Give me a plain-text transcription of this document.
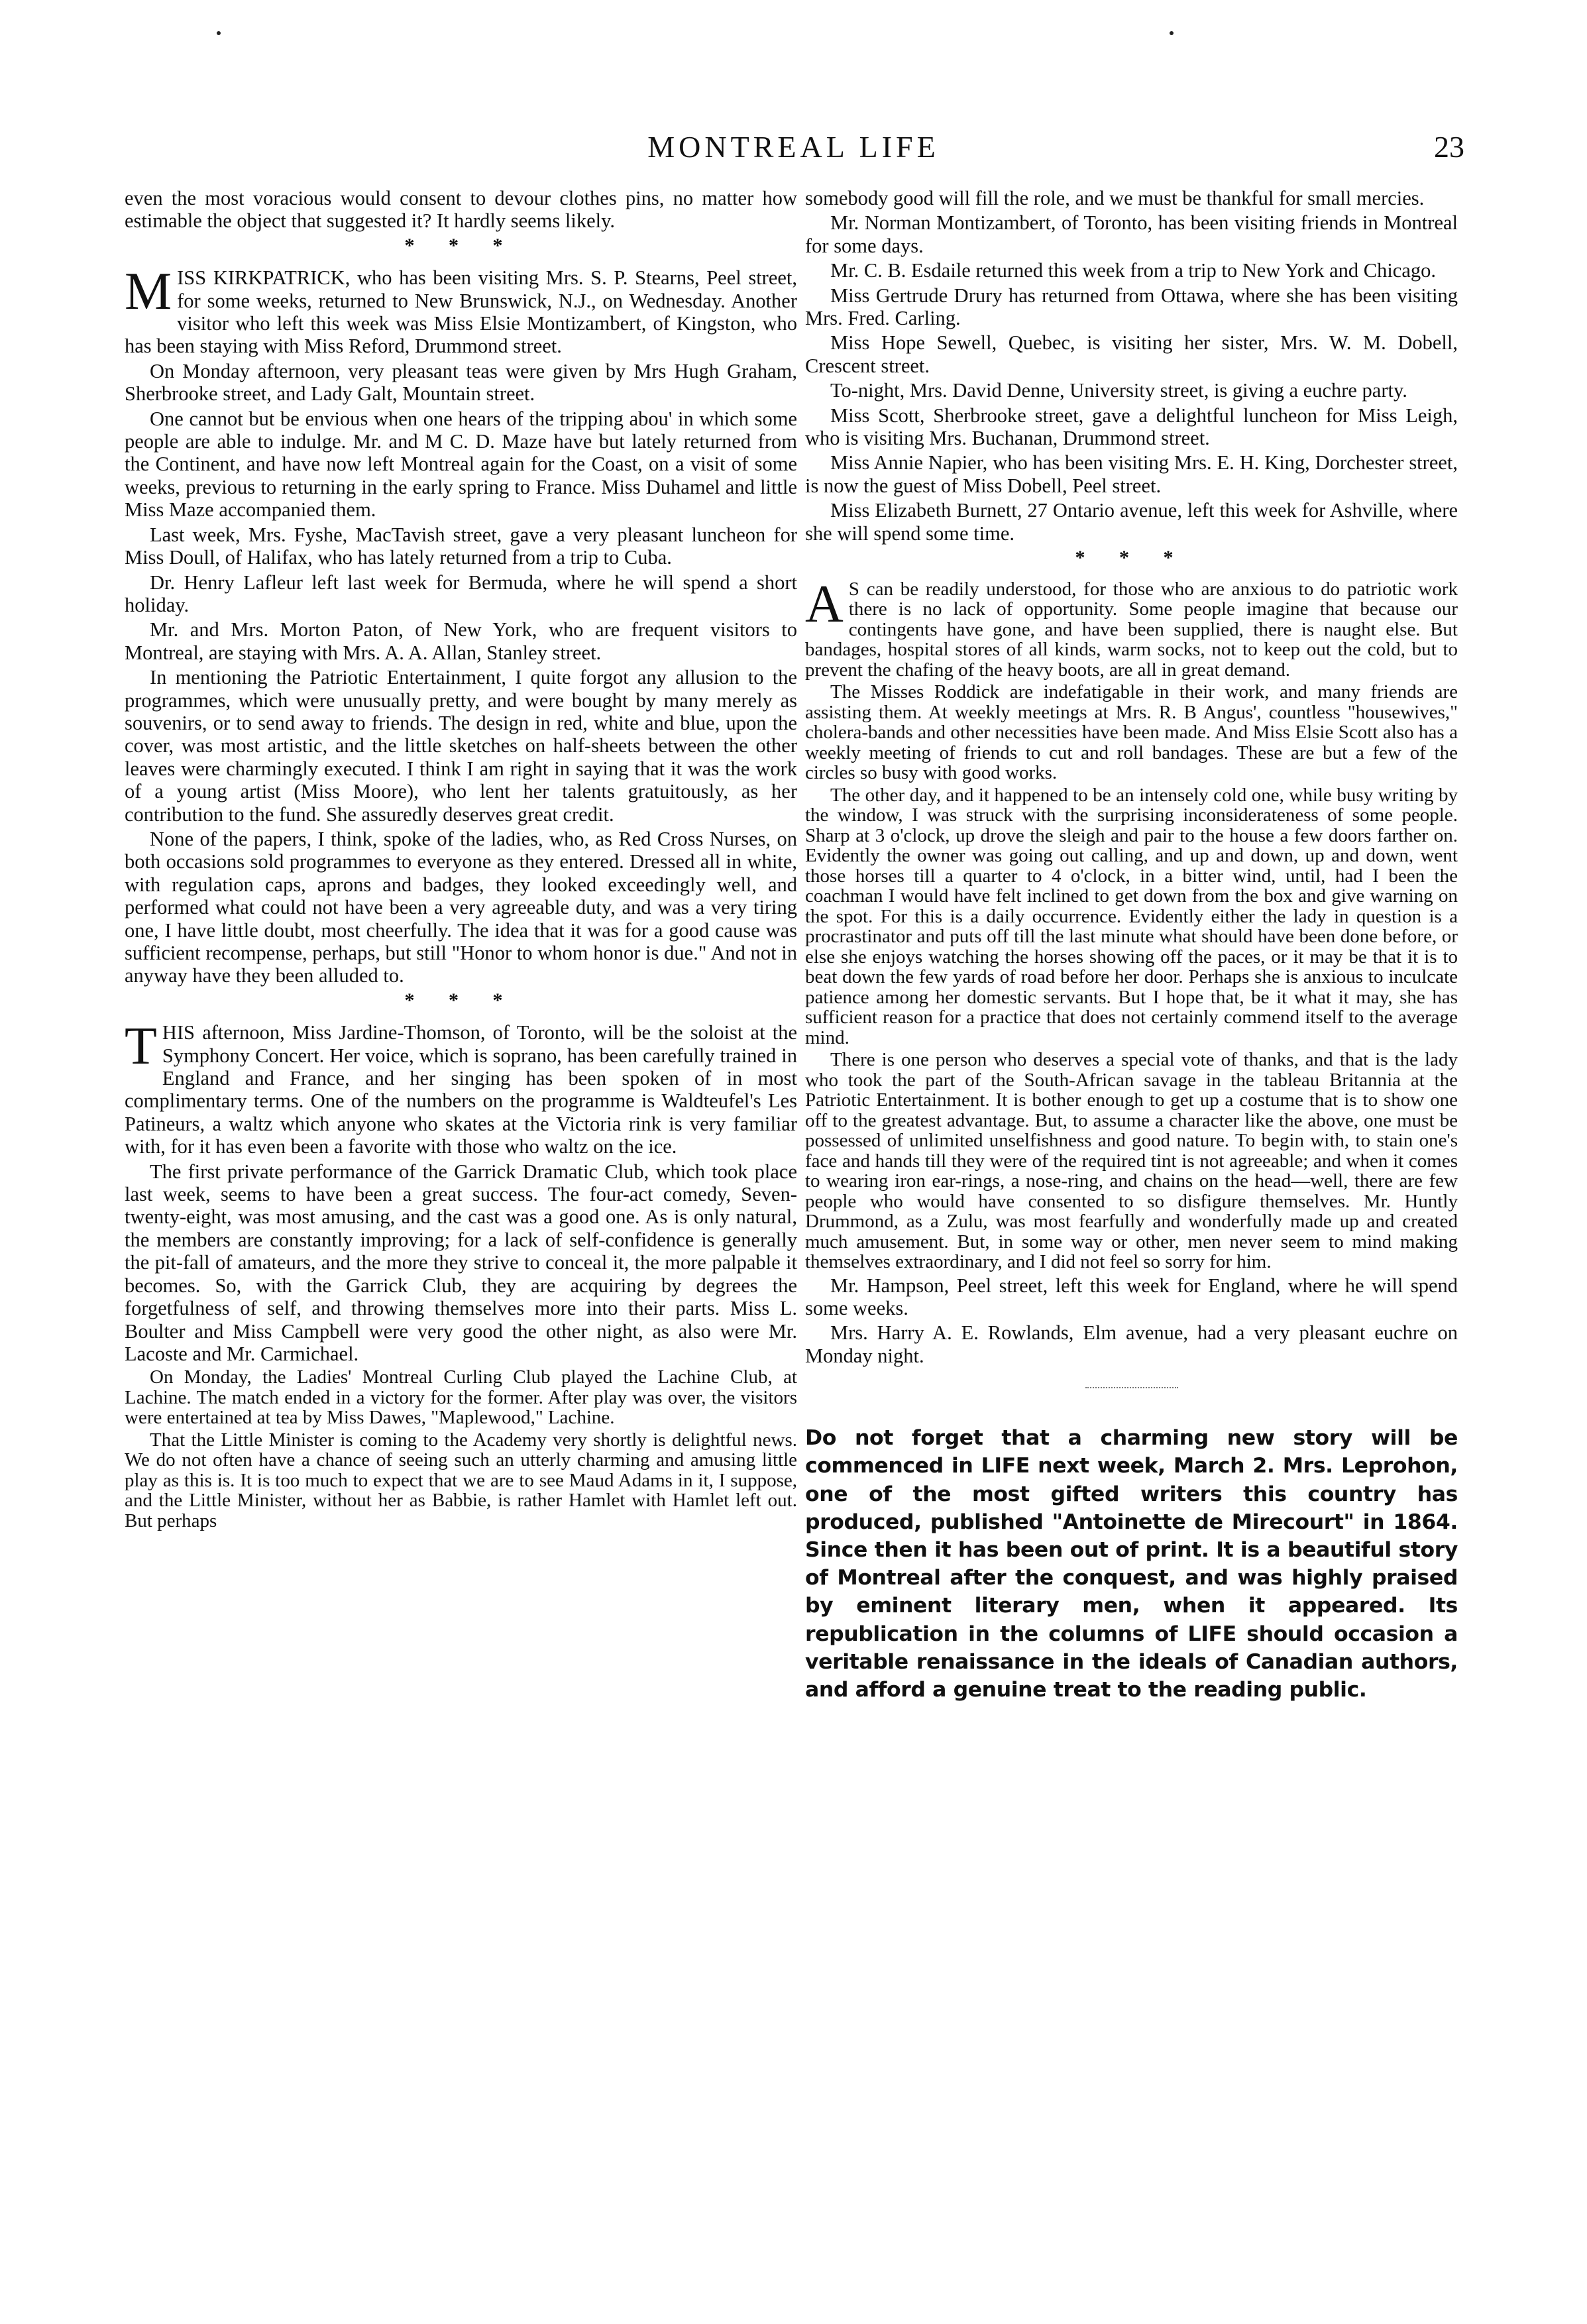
MONTREAL LIFE	23

even the most voracious would consent to devour clothes pins, no matter how estimable the object that suggested it? It hardly seems likely.

* * *

MISS KIRKPATRICK, who has been visiting Mrs. S. P. Stearns, Peel street, for some weeks, returned to New Brunswick, N.J., on Wednesday. Another visitor who left this week was Miss Elsie Montizambert, of Kingston, who has been staying with Miss Reford, Drummond street.

On Monday afternoon, very pleasant teas were given by Mrs Hugh Graham, Sherbrooke street, and Lady Galt, Mountain street.

One cannot but be envious when one hears of the tripping abou' in which some people are able to indulge. Mr. and M C. D. Maze have but lately returned from the Continent, and have now left Montreal again for the Coast, on a visit of some weeks, previous to returning in the early spring to France. Miss Duhamel and little Miss Maze accompanied them.

Last week, Mrs. Fyshe, MacTavish street, gave a very pleasant luncheon for Miss Doull, of Halifax, who has lately returned from a trip to Cuba.

Dr. Henry Lafleur left last week for Bermuda, where he will spend a short holiday.

Mr. and Mrs. Morton Paton, of New York, who are frequent visitors to Montreal, are staying with Mrs. A. A. Allan, Stanley street.

In mentioning the Patriotic Entertainment, I quite forgot any allusion to the programmes, which were unusually pretty, and were bought by many merely as souvenirs, or to send away to friends. The design in red, white and blue, upon the cover, was most artistic, and the little sketches on half-sheets between the other leaves were charmingly executed. I think I am right in saying that it was the work of a young artist (Miss Moore), who lent her talents gratuitously, as her contribution to the fund. She assuredly deserves great credit.

None of the papers, I think, spoke of the ladies, who, as Red Cross Nurses, on both occasions sold programmes to everyone as they entered. Dressed all in white, with regulation caps, aprons and badges, they looked exceedingly well, and performed what could not have been a very agreeable duty, and was a very tiring one, I have little doubt, most cheerfully. The idea that it was for a good cause was sufficient recompense, perhaps, but still "Honor to whom honor is due." And not in anyway have they been alluded to.

* * *

THIS afternoon, Miss Jardine-Thomson, of Toronto, will be the soloist at the Symphony Concert. Her voice, which is soprano, has been carefully trained in England and France, and her singing has been spoken of in most complimentary terms. One of the numbers on the programme is Waldteufel's Les Patineurs, a waltz which anyone who skates at the Victoria rink is very familiar with, for it has even been a favorite with those who waltz on the ice.

The first private performance of the Garrick Dramatic Club, which took place last week, seems to have been a great success. The four-act comedy, Seven-twenty-eight, was most amusing, and the cast was a good one. As is only natural, the members are constantly improving; for a lack of self-confidence is generally the pit-fall of amateurs, and the more they strive to conceal it, the more palpable it becomes. So, with the Garrick Club, they are acquiring by degrees the forgetfulness of self, and throwing themselves more into their parts. Miss L. Boulter and Miss Campbell were very good the other night, as also were Mr. Lacoste and Mr. Carmichael.

On Monday, the Ladies' Montreal Curling Club played the Lachine Club, at Lachine. The match ended in a victory for the former. After play was over, the visitors were entertained at tea by Miss Dawes, "Maplewood," Lachine.

That the Little Minister is coming to the Academy very shortly is delightful news. We do not often have a chance of seeing such an utterly charming and amusing little play as this is. It is too much to expect that we are to see Maud Adams in it, I suppose, and the Little Minister, without her as Babbie, is rather Hamlet with Hamlet left out. But perhaps

somebody good will fill the role, and we must be thankful for small mercies.

Mr. Norman Montizambert, of Toronto, has been visiting friends in Montreal for some days.

Mr. C. B. Esdaile returned this week from a trip to New York and Chicago.

Miss Gertrude Drury has returned from Ottawa, where she has been visiting Mrs. Fred. Carling.

Miss Hope Sewell, Quebec, is visiting her sister, Mrs. W. M. Dobell, Crescent street.

To-night, Mrs. David Denne, University street, is giving a euchre party.

Miss Scott, Sherbrooke street, gave a delightful luncheon for Miss Leigh, who is visiting Mrs. Buchanan, Drummond street.

Miss Annie Napier, who has been visiting Mrs. E. H. King, Dorchester street, is now the guest of Miss Dobell, Peel street.

Miss Elizabeth Burnett, 27 Ontario avenue, left this week for Ashville, where she will spend some time.

* * *

A S can be readily understood, for those who are anxious to do patriotic work there is no lack of opportunity. Some people imagine that because our contingents have gone, and have been supplied, there is naught else. But bandages, hospital stores of all kinds, warm socks, not to keep out the cold, but to prevent the chafing of the heavy boots, are all in great demand.

The Misses Roddick are indefatigable in their work, and many friends are assisting them. At weekly meetings at Mrs. R. B Angus', countless "housewives," cholera-bands and other necessities have been made. And Miss Elsie Scott also has a weekly meeting of friends to cut and roll bandages. These are but a few of the circles so busy with good works.

The other day, and it happened to be an intensely cold one, while busy writing by the window, I was struck with the surprising inconsiderateness of some people. Sharp at 3 o'clock, up drove the sleigh and pair to the house a few doors farther on. Evidently the owner was going out calling, and up and down, up and down, went those horses till a quarter to 4 o'clock, in a bitter wind, until, had I been the coachman I would have felt inclined to get down from the box and give warning on the spot. For this is a daily occurrence. Evidently either the lady in question is a procrastinator and puts off till the last minute what should have been done before, or else she enjoys watching the horses showing off the paces, or it may be that it is to beat down the few yards of road before her door. Perhaps she is anxious to inculcate patience among her domestic servants. But I hope that, be it what it may, she has sufficient reason for a practice that does not certainly commend itself to the average mind.

There is one person who deserves a special vote of thanks, and that is the lady who took the part of the South-African savage in the tableau Britannia at the Patriotic Entertainment. It is bother enough to get up a costume that is to show one off to the greatest advantage. But, to assume a character like the above, one must be possessed of unlimited unselfishness and good nature. To begin with, to stain one's face and hands till they were of the required tint is not agreeable; and when it comes to wearing iron ear-rings, a nose-ring, and chains on the head—well, there are few people who would have consented to so disfigure themselves. Mr. Huntly Drummond, as a Zulu, was most fearfully and wonderfully made up and created much amusement. But, in some way or other, men never seem to mind making themselves extraordinary, and I did not feel so sorry for him.

Mr. Hampson, Peel street, left this week for England, where he will spend some weeks.

Mrs. Harry A. E. Rowlands, Elm avenue, had a very pleasant euchre on Monday night.

Do not forget that a charming new story will be commenced in LIFE next week, March 2. Mrs. Leprohon, one of the most gifted writers this country has produced, published "Antoinette de Mirecourt" in 1864. Since then it has been out of print. It is a beautiful story of Montreal after the conquest, and was highly praised by eminent literary men, when it appeared. Its republication in the columns of LIFE should occasion a veritable renaissance in the ideals of Canadian authors, and afford a genuine treat to the reading public.
